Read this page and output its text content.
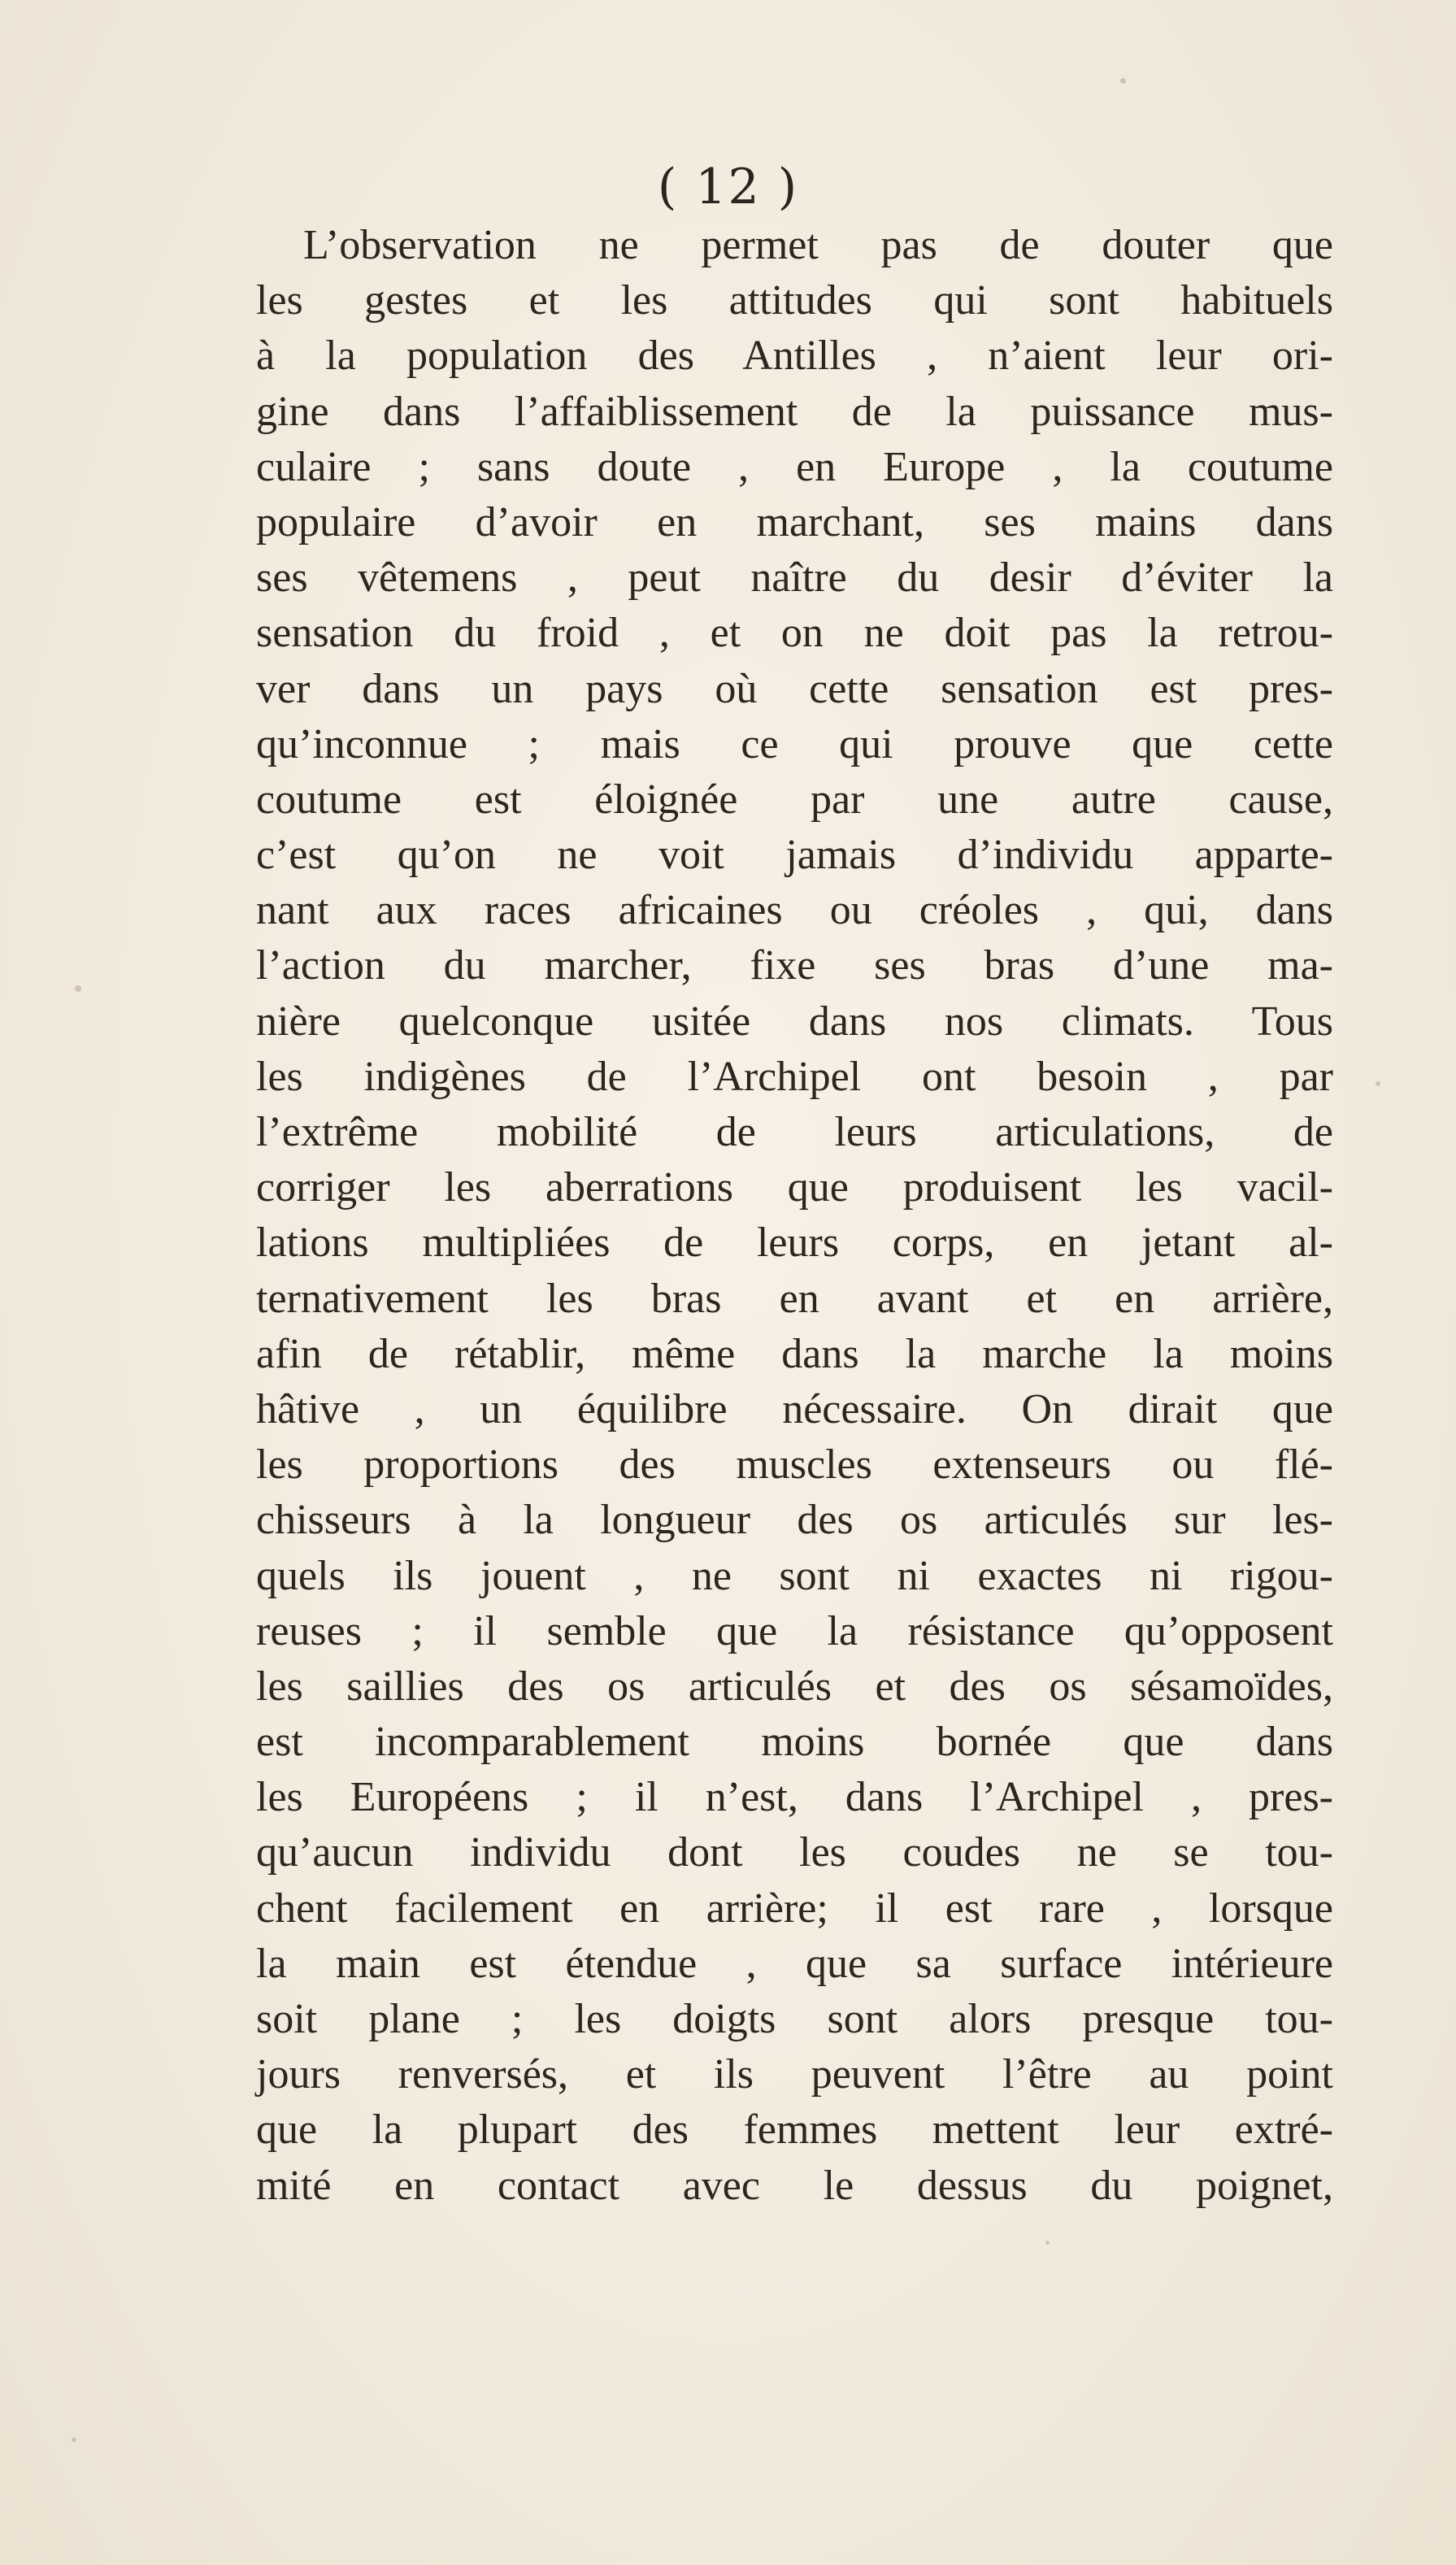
( 12 )
L’observation ne permet pas de douter que
les gestes et les attitudes qui sont habituels
à la population des Antilles , n’aient leur ori-
gine dans l’affaiblissement de la puissance mus-
culaire ; sans doute , en Europe , la coutume
populaire d’avoir en marchant, ses mains dans
ses vêtemens , peut naître du desir d’éviter la
sensation du froid , et on ne doit pas la retrou-
ver dans un pays où cette sensation est pres-
qu’inconnue ; mais ce qui prouve que cette
coutume est éloignée par une autre cause,
c’est qu’on ne voit jamais d’individu apparte-
nant aux races africaines ou créoles , qui, dans
l’action du marcher, fixe ses bras d’une ma-
nière quelconque usitée dans nos climats. Tous
les indigènes de l’Archipel ont besoin , par
l’extrême mobilité de leurs articulations, de
corriger les aberrations que produisent les vacil-
lations multipliées de leurs corps, en jetant al-
ternativement les bras en avant et en arrière,
afin de rétablir, même dans la marche la moins
hâtive , un équilibre nécessaire. On dirait que
les proportions des muscles extenseurs ou flé-
chisseurs à la longueur des os articulés sur les-
quels ils jouent , ne sont ni exactes ni rigou-
reuses ; il semble que la résistance qu’opposent
les saillies des os articulés et des os sésamoïdes,
est incomparablement moins bornée que dans
les Européens ; il n’est, dans l’Archipel , pres-
qu’aucun individu dont les coudes ne se tou-
chent facilement en arrière; il est rare , lorsque
la main est étendue , que sa surface intérieure
soit plane ; les doigts sont alors presque tou-
jours renversés, et ils peuvent l’être au point
que la plupart des femmes mettent leur extré-
mité en contact avec le dessus du poignet,
